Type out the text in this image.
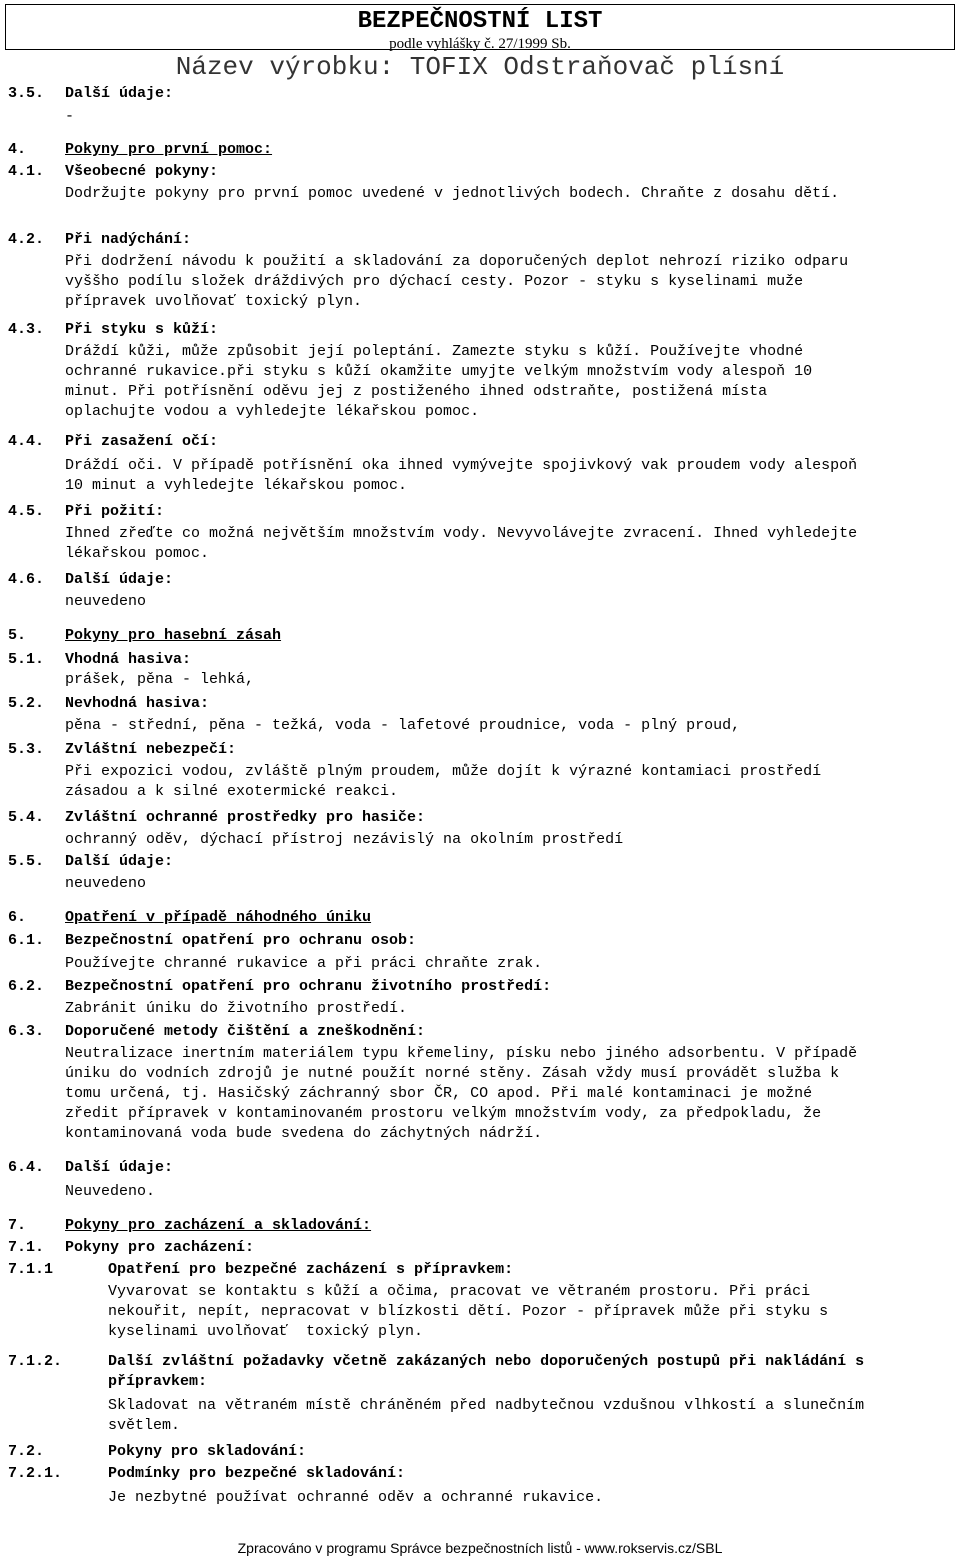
BEZPEČNOSTNÍ LIST
podle vyhlášky č. 27/1999 Sb.
Název výrobku: TOFIX Odstraňovač plísní
3.5. Další údaje:
-
4.	Pokyny pro první pomoc:
4.1. Všeobecné pokyny:
Dodržujte pokyny pro první pomoc uvedené v jednotlivých bodech. Chraňte z dosahu dětí.
4.2. Při nadýchání:
Při dodržení návodu k použití a skladování za doporučených deplot nehrozí riziko odparu
vyššho podílu složek dráždivých pro dýchací cesty. Pozor - styku s kyselinami muže
přípravek uvolňovať toxický plyn.
4.3. Při styku s kůží:
Dráždí kůži, může způsobit její poleptání. Zamezte styku s kůží. Používejte vhodné
ochranné rukavice.při styku s kůží okamžite umyjte velkým množstvím vody alespoň 10
minut. Při potřísnění oděvu jej z postiženého ihned odstraňte, postižená místa
oplachujte vodou a vyhledejte lékařskou pomoc.
4.4. Při zasažení očí:
Dráždí oči. V případě potřísnění oka ihned vymývejte spojivkový vak proudem vody alespoň
10 minut a vyhledejte lékařskou pomoc.
4.5. Při požití:
Ihned zřeďte co možná největším množstvím vody. Nevyvolávejte zvracení. Ihned vyhledejte
lékařskou pomoc.
4.6. Další údaje:
neuvedeno
5.	Pokyny pro hasební zásah
5.1. Vhodná hasiva:
prášek, pěna - lehká,
5.2. Nevhodná hasiva:
pěna - střední, pěna - težká, voda - lafetové proudnice, voda - plný proud,
5.3. Zvláštní nebezpečí:
Při expozici vodou, zvláště plným proudem, může dojít k výrazné kontamiaci prostředí
zásadou a k silné exotermické reakci.
5.4. Zvláštní ochranné prostředky pro hasiče:
ochranný oděv, dýchací přístroj nezávislý na okolním prostředí
5.5. Další údaje:
neuvedeno
6.	Opatření v případě náhodného úniku
6.1. Bezpečnostní opatření pro ochranu osob:
Používejte chranné rukavice a při práci chraňte zrak.
6.2. Bezpečnostní opatření pro ochranu životního prostředí:
Zabránit úniku do životního prostředí.
6.3. Doporučené metody čištění a zneškodnění:
Neutralizace inertním materiálem typu křemeliny, písku nebo jiného adsorbentu. V případě
úniku do vodních zdrojů je nutné použít norné stěny. Zásah vždy musí provádět služba k
tomu určená, tj. Hasičský záchranný sbor ČR, CO apod. Při malé kontaminaci je možné
zředit přípravek v kontaminovaném prostoru velkým množstvím vody, za předpokladu, že
kontaminovaná voda bude svedena do záchytných nádrží.
6.4. Další údaje:
Neuvedeno.
7.	Pokyny pro zacházení a skladování:
7.1. Pokyny pro zacházení:
7.1.1	Opatření pro bezpečné zacházení s přípravkem:
Vyvarovat se kontaktu s kůží a očima, pracovat ve větraném prostoru. Při práci
nekouřit, nepít, nepracovat v blízkosti dětí. Pozor - přípravek může při styku s
kyselinami uvolňovať  toxický plyn.
7.1.2.	Další zvláštní požadavky včetně zakázaných nebo doporučených postupů při nakládání s
přípravkem:
Skladovat na větraném místě chráněném před nadbytečnou vzdušnou vlhkostí a slunečním
světlem.
7.2.	Pokyny pro skladování:
7.2.1.	Podmínky pro bezpečné skladování:
Je nezbytné používat ochranné oděv a ochranné rukavice.
Zpracováno v programu Správce bezpečnostních listů - www.rokservis.cz/SBL
